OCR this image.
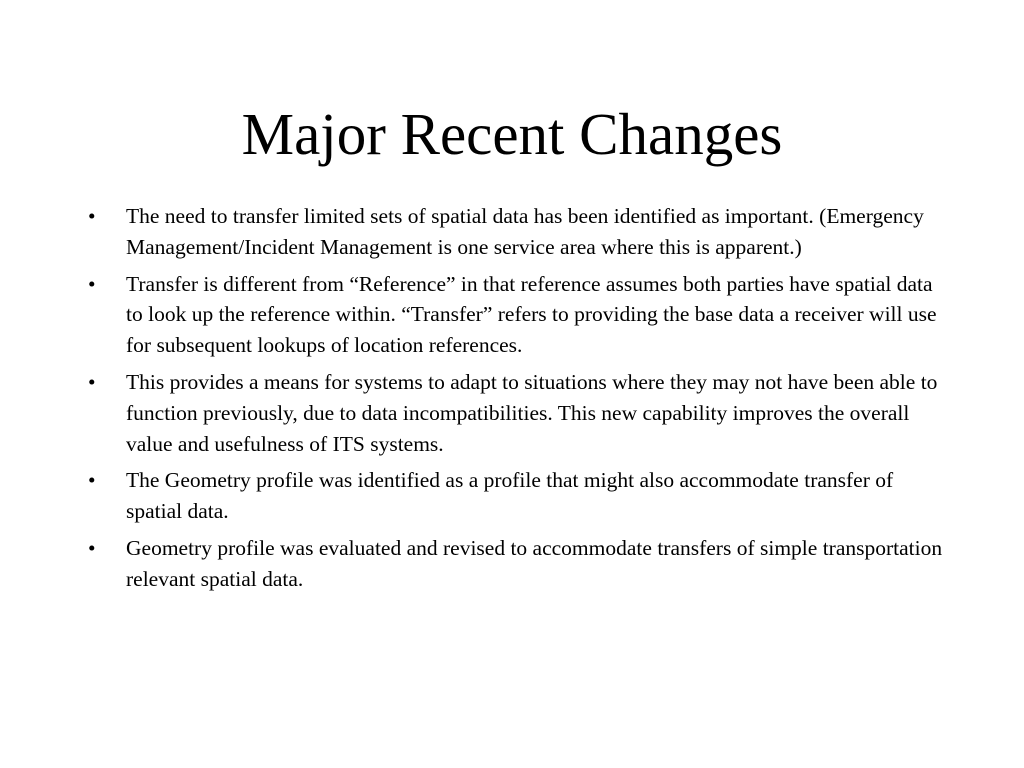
Major Recent Changes
• The need to transfer limited sets of spatial data has been identified as important. (Emergency Management/Incident Management is one service area where this is apparent.)
• Transfer is different from “Reference” in that reference assumes both parties have spatial data to look up the reference within. “Transfer” refers to providing the base data a receiver will use for subsequent lookups of location references.
• This provides a means for systems to adapt to situations where they may not have been able to function previously, due to data incompatibilities. This new capability improves the overall value and usefulness of ITS systems.
• The Geometry profile was identified as a profile that might also accommodate transfer of spatial data.
• Geometry profile was evaluated and revised to accommodate transfers of simple transportation relevant spatial data.
